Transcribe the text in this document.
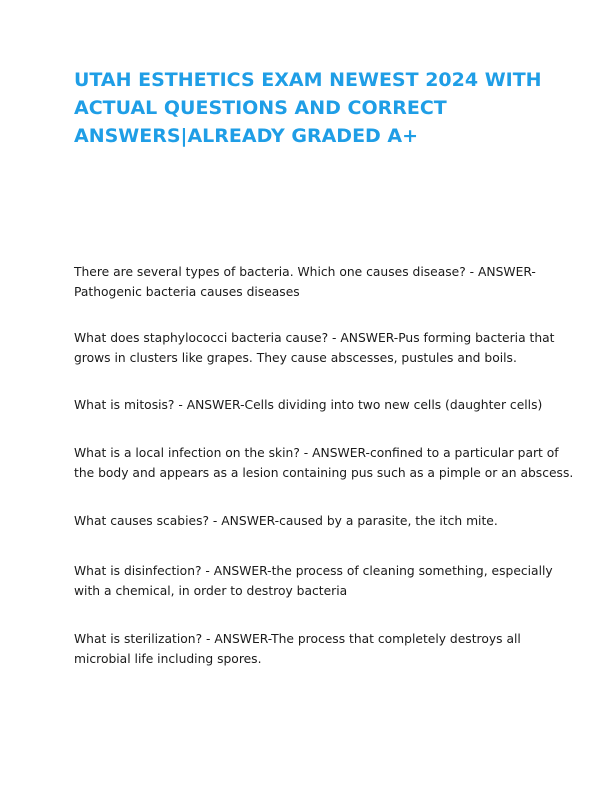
UTAH ESTHETICS EXAM NEWEST 2024 WITH
ACTUAL QUESTIONS AND CORRECT
ANSWERS|ALREADY GRADED A+

There are several types of bacteria. Which one causes disease? - ANSWER-
Pathogenic bacteria causes diseases

What does staphylococci bacteria cause? - ANSWER-Pus forming bacteria that
grows in clusters like grapes. They cause abscesses, pustules and boils.

What is mitosis? - ANSWER-Cells dividing into two new cells (daughter cells)

What is a local infection on the skin? - ANSWER-confined to a particular part of
the body and appears as a lesion containing pus such as a pimple or an abscess.

What causes scabies? - ANSWER-caused by a parasite, the itch mite.

What is disinfection? - ANSWER-the process of cleaning something, especially
with a chemical, in order to destroy bacteria

What is sterilization? - ANSWER-The process that completely destroys all
microbial life including spores.
